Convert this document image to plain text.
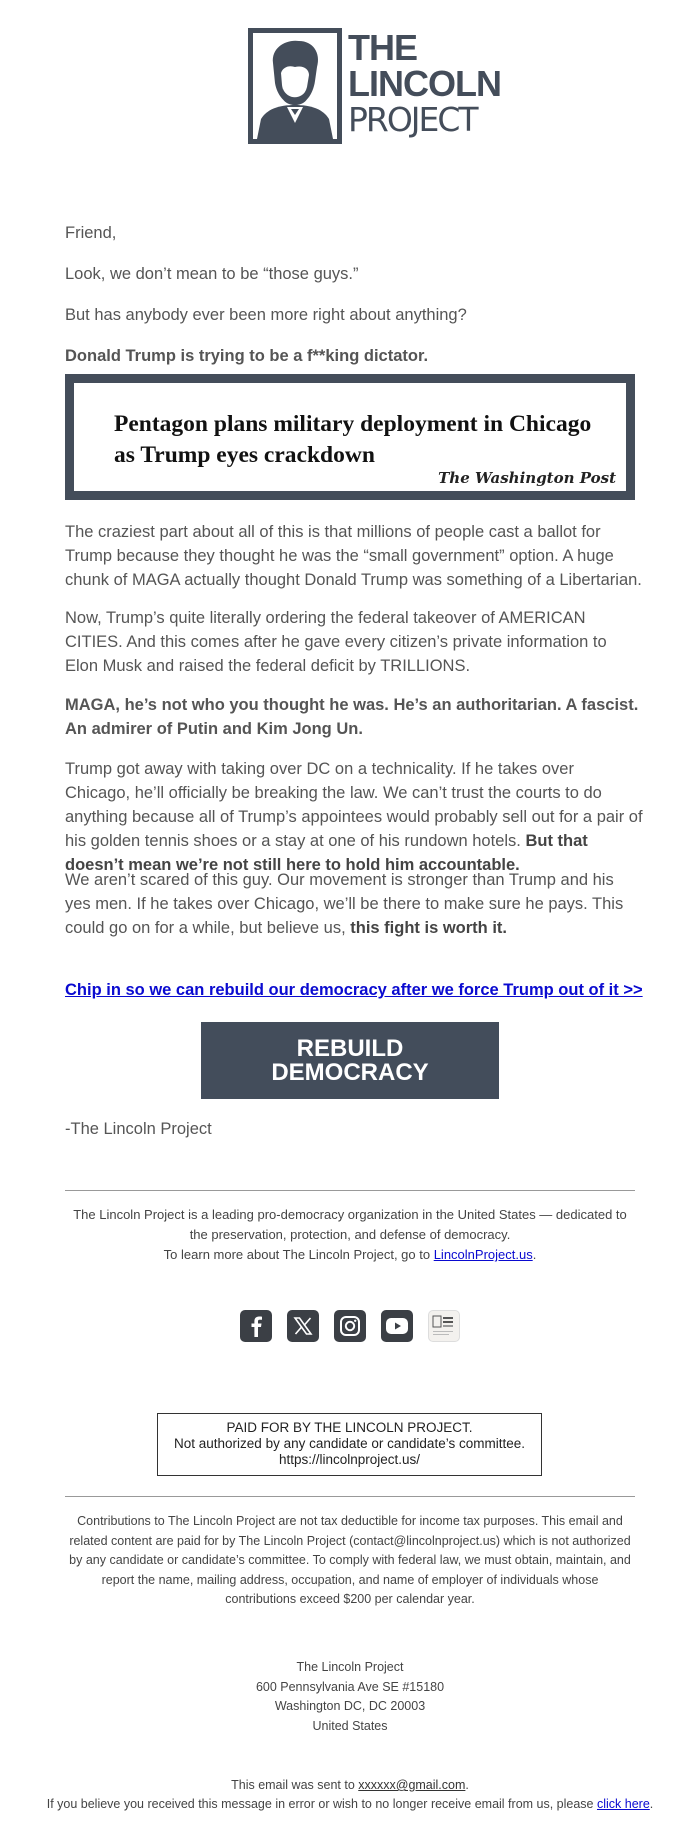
THE
LINCOLN
PROJECT

Friend,

Look, we don’t mean to be “those guys.”

But has anybody ever been more right about anything?

Donald Trump is trying to be a f**king dictator.

Pentagon plans military deployment in Chicago as Trump eyes crackdown
The Washington Post

The craziest part about all of this is that millions of people cast a ballot for Trump because they thought he was the “small government” option. A huge chunk of MAGA actually thought Donald Trump was something of a Libertarian.

Now, Trump’s quite literally ordering the federal takeover of AMERICAN CITIES. And this comes after he gave every citizen’s private information to Elon Musk and raised the federal deficit by TRILLIONS.

MAGA, he’s not who you thought he was. He’s an authoritarian. A fascist. An admirer of Putin and Kim Jong Un.

Trump got away with taking over DC on a technicality. If he takes over Chicago, he’ll officially be breaking the law. We can’t trust the courts to do anything because all of Trump’s appointees would probably sell out for a pair of his golden tennis shoes or a stay at one of his rundown hotels. But that doesn’t mean we’re not still here to hold him accountable.

We aren’t scared of this guy. Our movement is stronger than Trump and his yes men. If he takes over Chicago, we’ll be there to make sure he pays. This could go on for a while, but believe us, this fight is worth it.

Chip in so we can rebuild our democracy after we force Trump out of it >>
REBUILD
DEMOCRACY

-The Lincoln Project

The Lincoln Project is a leading pro-democracy organization in the United States — dedicated to the preservation, protection, and defense of democracy.
To learn more about The Lincoln Project, go to LincolnProject.us.
PAID FOR BY THE LINCOLN PROJECT.
Not authorized by any candidate or candidate’s committee.
https://lincolnproject.us/
Contributions to The Lincoln Project are not tax deductible for income tax purposes. This email and related content are paid for by The Lincoln Project (contact@lincolnproject.us) which is not authorized by any candidate or candidate’s committee. To comply with federal law, we must obtain, maintain, and report the name, mailing address, occupation, and name of employer of individuals whose contributions exceed $200 per calendar year.
The Lincoln Project
600 Pennsylvania Ave SE #15180
Washington DC, DC 20003
United States
This email was sent to xxxxxx@gmail.com.
If you believe you received this message in error or wish to no longer receive email from us, please click here.
